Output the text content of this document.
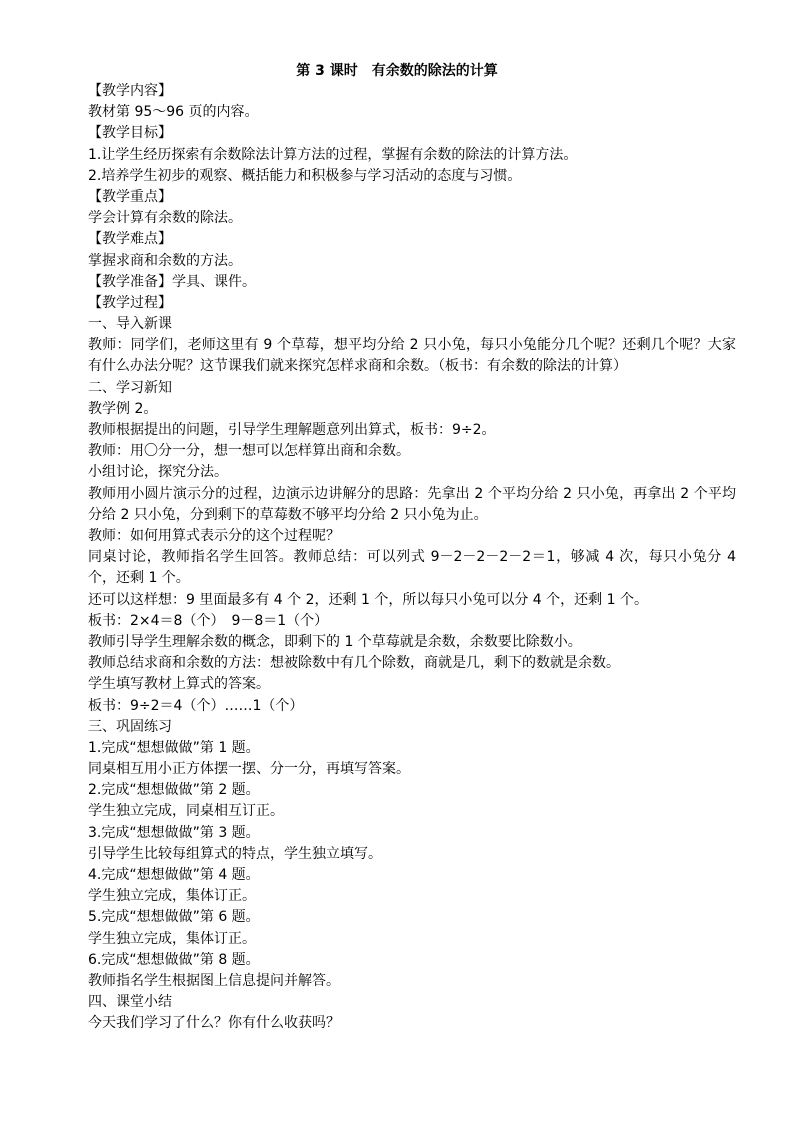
第 3 课时　有余数的除法的计算
【教学内容】
教材第 95～96 页的内容。
【教学目标】
1.让学生经历探索有余数除法计算方法的过程，掌握有余数的除法的计算方法。
2.培养学生初步的观察、概括能力和积极参与学习活动的态度与习惯。
【教学重点】
学会计算有余数的除法。
【教学难点】
掌握求商和余数的方法。
【教学准备】学具、课件。
【教学过程】
一、导入新课
教师：同学们，老师这里有 9 个草莓，想平均分给 2 只小兔，每只小兔能分几个呢？还剩几个呢？大家有什么办法分呢？这节课我们就来探究怎样求商和余数。（板书：有余数的除法的计算）
二、学习新知
教学例 2。
教师根据提出的问题，引导学生理解题意列出算式，板书：9÷2。
教师：用〇分一分，想一想可以怎样算出商和余数。
小组讨论，探究分法。
教师用小圆片演示分的过程，边演示边讲解分的思路：先拿出 2 个平均分给 2 只小兔，再拿出 2 个平均分给 2 只小兔，分到剩下的草莓数不够平均分给 2 只小兔为止。
教师：如何用算式表示分的这个过程呢？
同桌讨论，教师指名学生回答。教师总结：可以列式 9－2－2－2－2＝1，够减 4 次，每只小兔分 4 个，还剩 1 个。
还可以这样想：9 里面最多有 4 个 2，还剩 1 个，所以每只小兔可以分 4 个，还剩 1 个。
板书：2×4＝8（个）　9－8＝1（个）
教师引导学生理解余数的概念，即剩下的 1 个草莓就是余数，余数要比除数小。
教师总结求商和余数的方法：想被除数中有几个除数，商就是几，剩下的数就是余数。
学生填写教材上算式的答案。
板书：9÷2＝4（个）……1（个）
三、巩固练习
1.完成“想想做做”第 1 题。
同桌相互用小正方体摆一摆、分一分，再填写答案。
2.完成“想想做做”第 2 题。
学生独立完成，同桌相互订正。
3.完成“想想做做”第 3 题。
引导学生比较每组算式的特点，学生独立填写。
4.完成“想想做做”第 4 题。
学生独立完成，集体订正。
5.完成“想想做做”第 6 题。
学生独立完成，集体订正。
6.完成“想想做做”第 8 题。
教师指名学生根据图上信息提问并解答。
四、课堂小结
今天我们学习了什么？你有什么收获吗？
